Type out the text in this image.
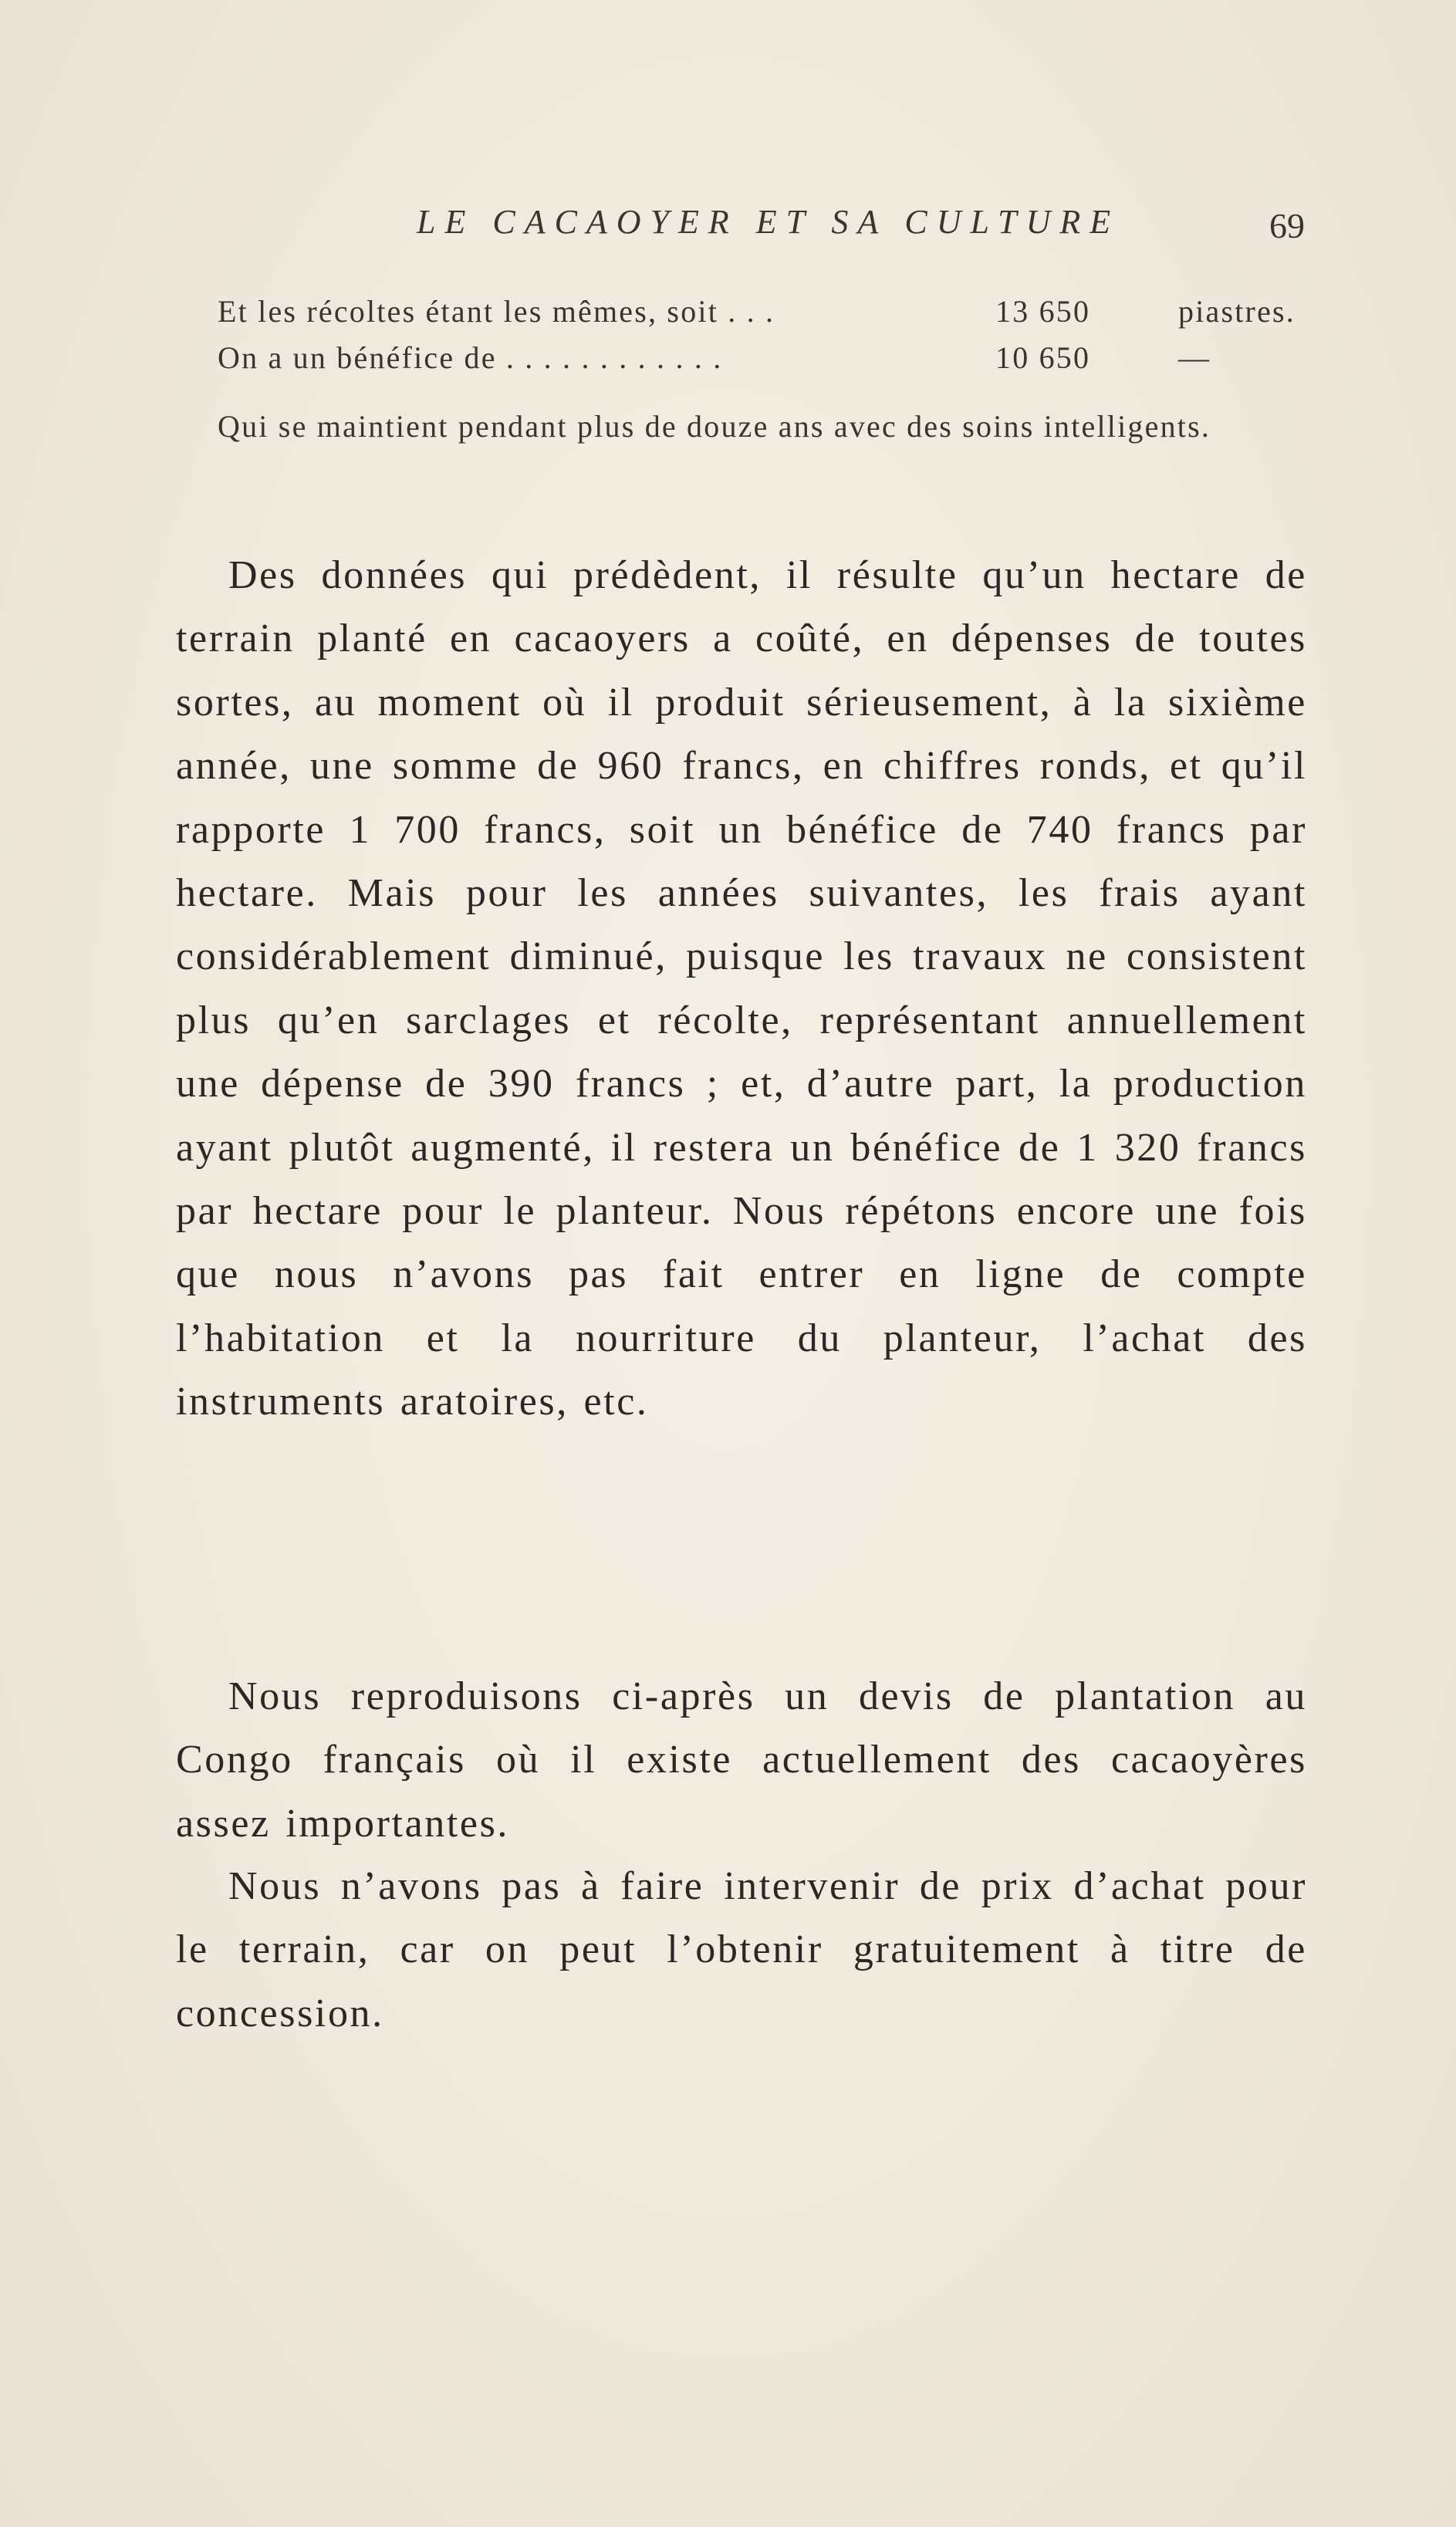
LE CACAOYER ET SA CULTURE	69
Et les récoltes étant les mêmes, soit . . .	13 650	piastres.
On a un bénéfice de . . . . . . . . . . . .	10 650	—

Qui se maintient pendant plus de douze ans avec des soins intelligents.

Des données qui prédèdent, il résulte qu’un hectare de terrain planté en cacaoyers a coûté, en dépenses de toutes sortes, au moment où il produit sérieusement, à la sixième année, une somme de 960 francs, en chiffres ronds, et qu’il rapporte 1 700 francs, soit un bénéfice de 740 francs par hectare. Mais pour les années suivantes, les frais ayant considérablement diminué, puisque les travaux ne consistent plus qu’en sarclages et récolte, représentant annuellement une dépense de 390 francs ; et, d’autre part, la production ayant plutôt augmenté, il restera un bénéfice de 1 320 francs par hectare pour le planteur. Nous répétons encore une fois que nous n’avons pas fait entrer en ligne de compte l’habitation et la nourriture du planteur, l’achat des instruments aratoires, etc.

Nous reproduisons ci-après un devis de plantation au Congo français où il existe actuellement des cacaoyères assez importantes.

Nous n’avons pas à faire intervenir de prix d’achat pour le terrain, car on peut l’obtenir gratuitement à titre de concession.
